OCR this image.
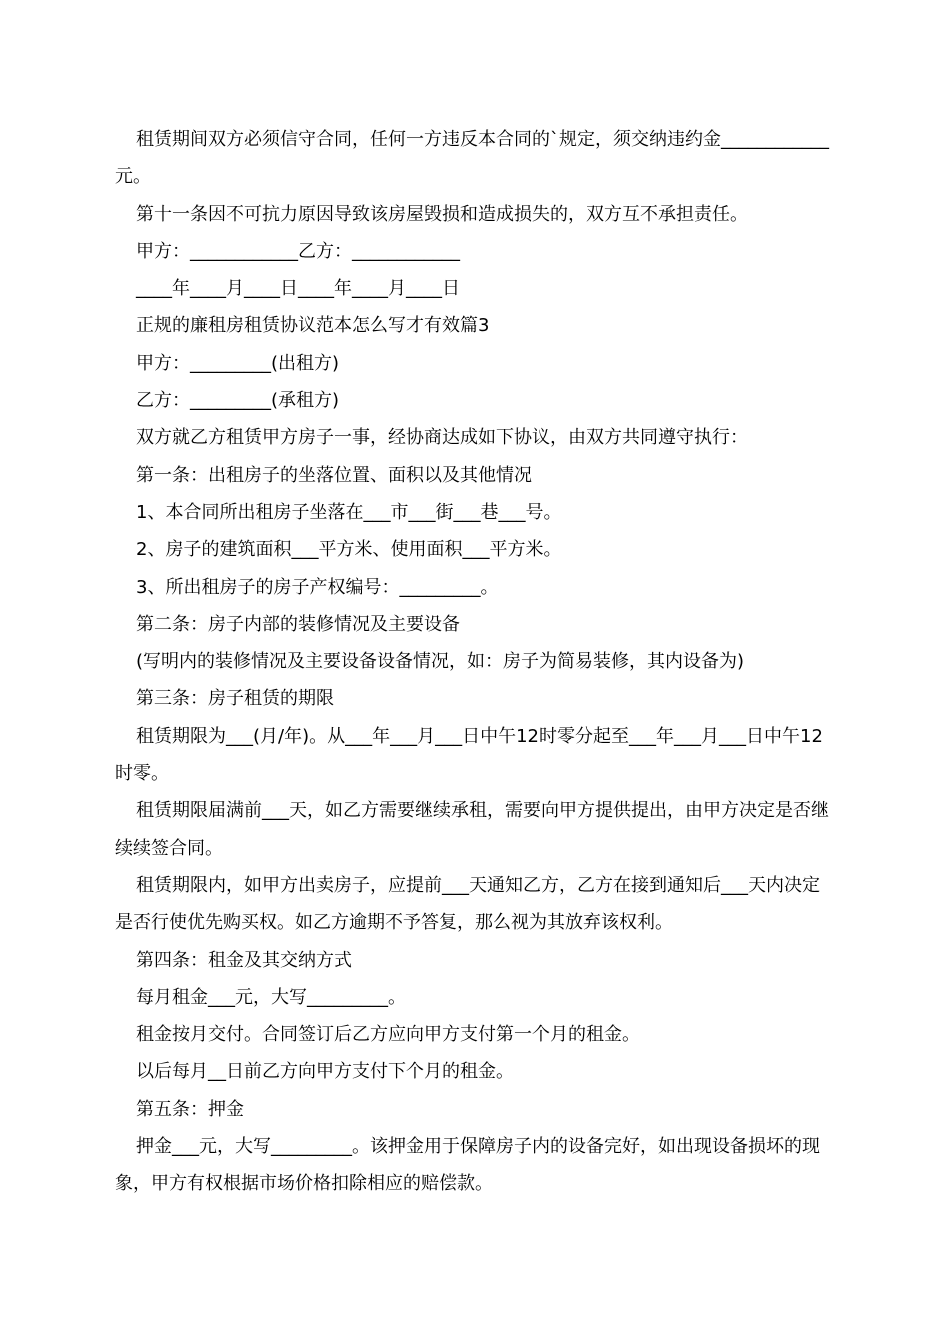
租赁期间双方必须信守合同，任何一方违反本合同的`规定，须交纳违约金____________元。

第十一条因不可抗力原因导致该房屋毁损和造成损失的，双方互不承担责任。

甲方：____________乙方：____________

____年____月____日____年____月____日

正规的廉租房租赁协议范本怎么写才有效篇3

甲方：_________(出租方)

乙方：_________(承租方)

双方就乙方租赁甲方房子一事，经协商达成如下协议，由双方共同遵守执行：

第一条：出租房子的坐落位置、面积以及其他情况

1、本合同所出租房子坐落在___市___街___巷___号。

2、房子的建筑面积___平方米、使用面积___平方米。

3、所出租房子的房子产权编号：_________。

第二条：房子内部的装修情况及主要设备

(写明内的装修情况及主要设备设备情况，如：房子为简易装修，其内设备为)

第三条：房子租赁的期限

租赁期限为___(月/年)。从___年___月___日中午12时零分起至___年___月___日中午12时零。

租赁期限届满前___天，如乙方需要继续承租，需要向甲方提供提出，由甲方决定是否继续续签合同。

租赁期限内，如甲方出卖房子，应提前___天通知乙方，乙方在接到通知后___天内决定是否行使优先购买权。如乙方逾期不予答复，那么视为其放弃该权利。

第四条：租金及其交纳方式

每月租金___元，大写_________。

租金按月交付。合同签订后乙方应向甲方支付第一个月的租金。

以后每月__日前乙方向甲方支付下个月的租金。

第五条：押金

押金___元，大写_________。该押金用于保障房子内的设备完好，如出现设备损坏的现象，甲方有权根据市场价格扣除相应的赔偿款。
